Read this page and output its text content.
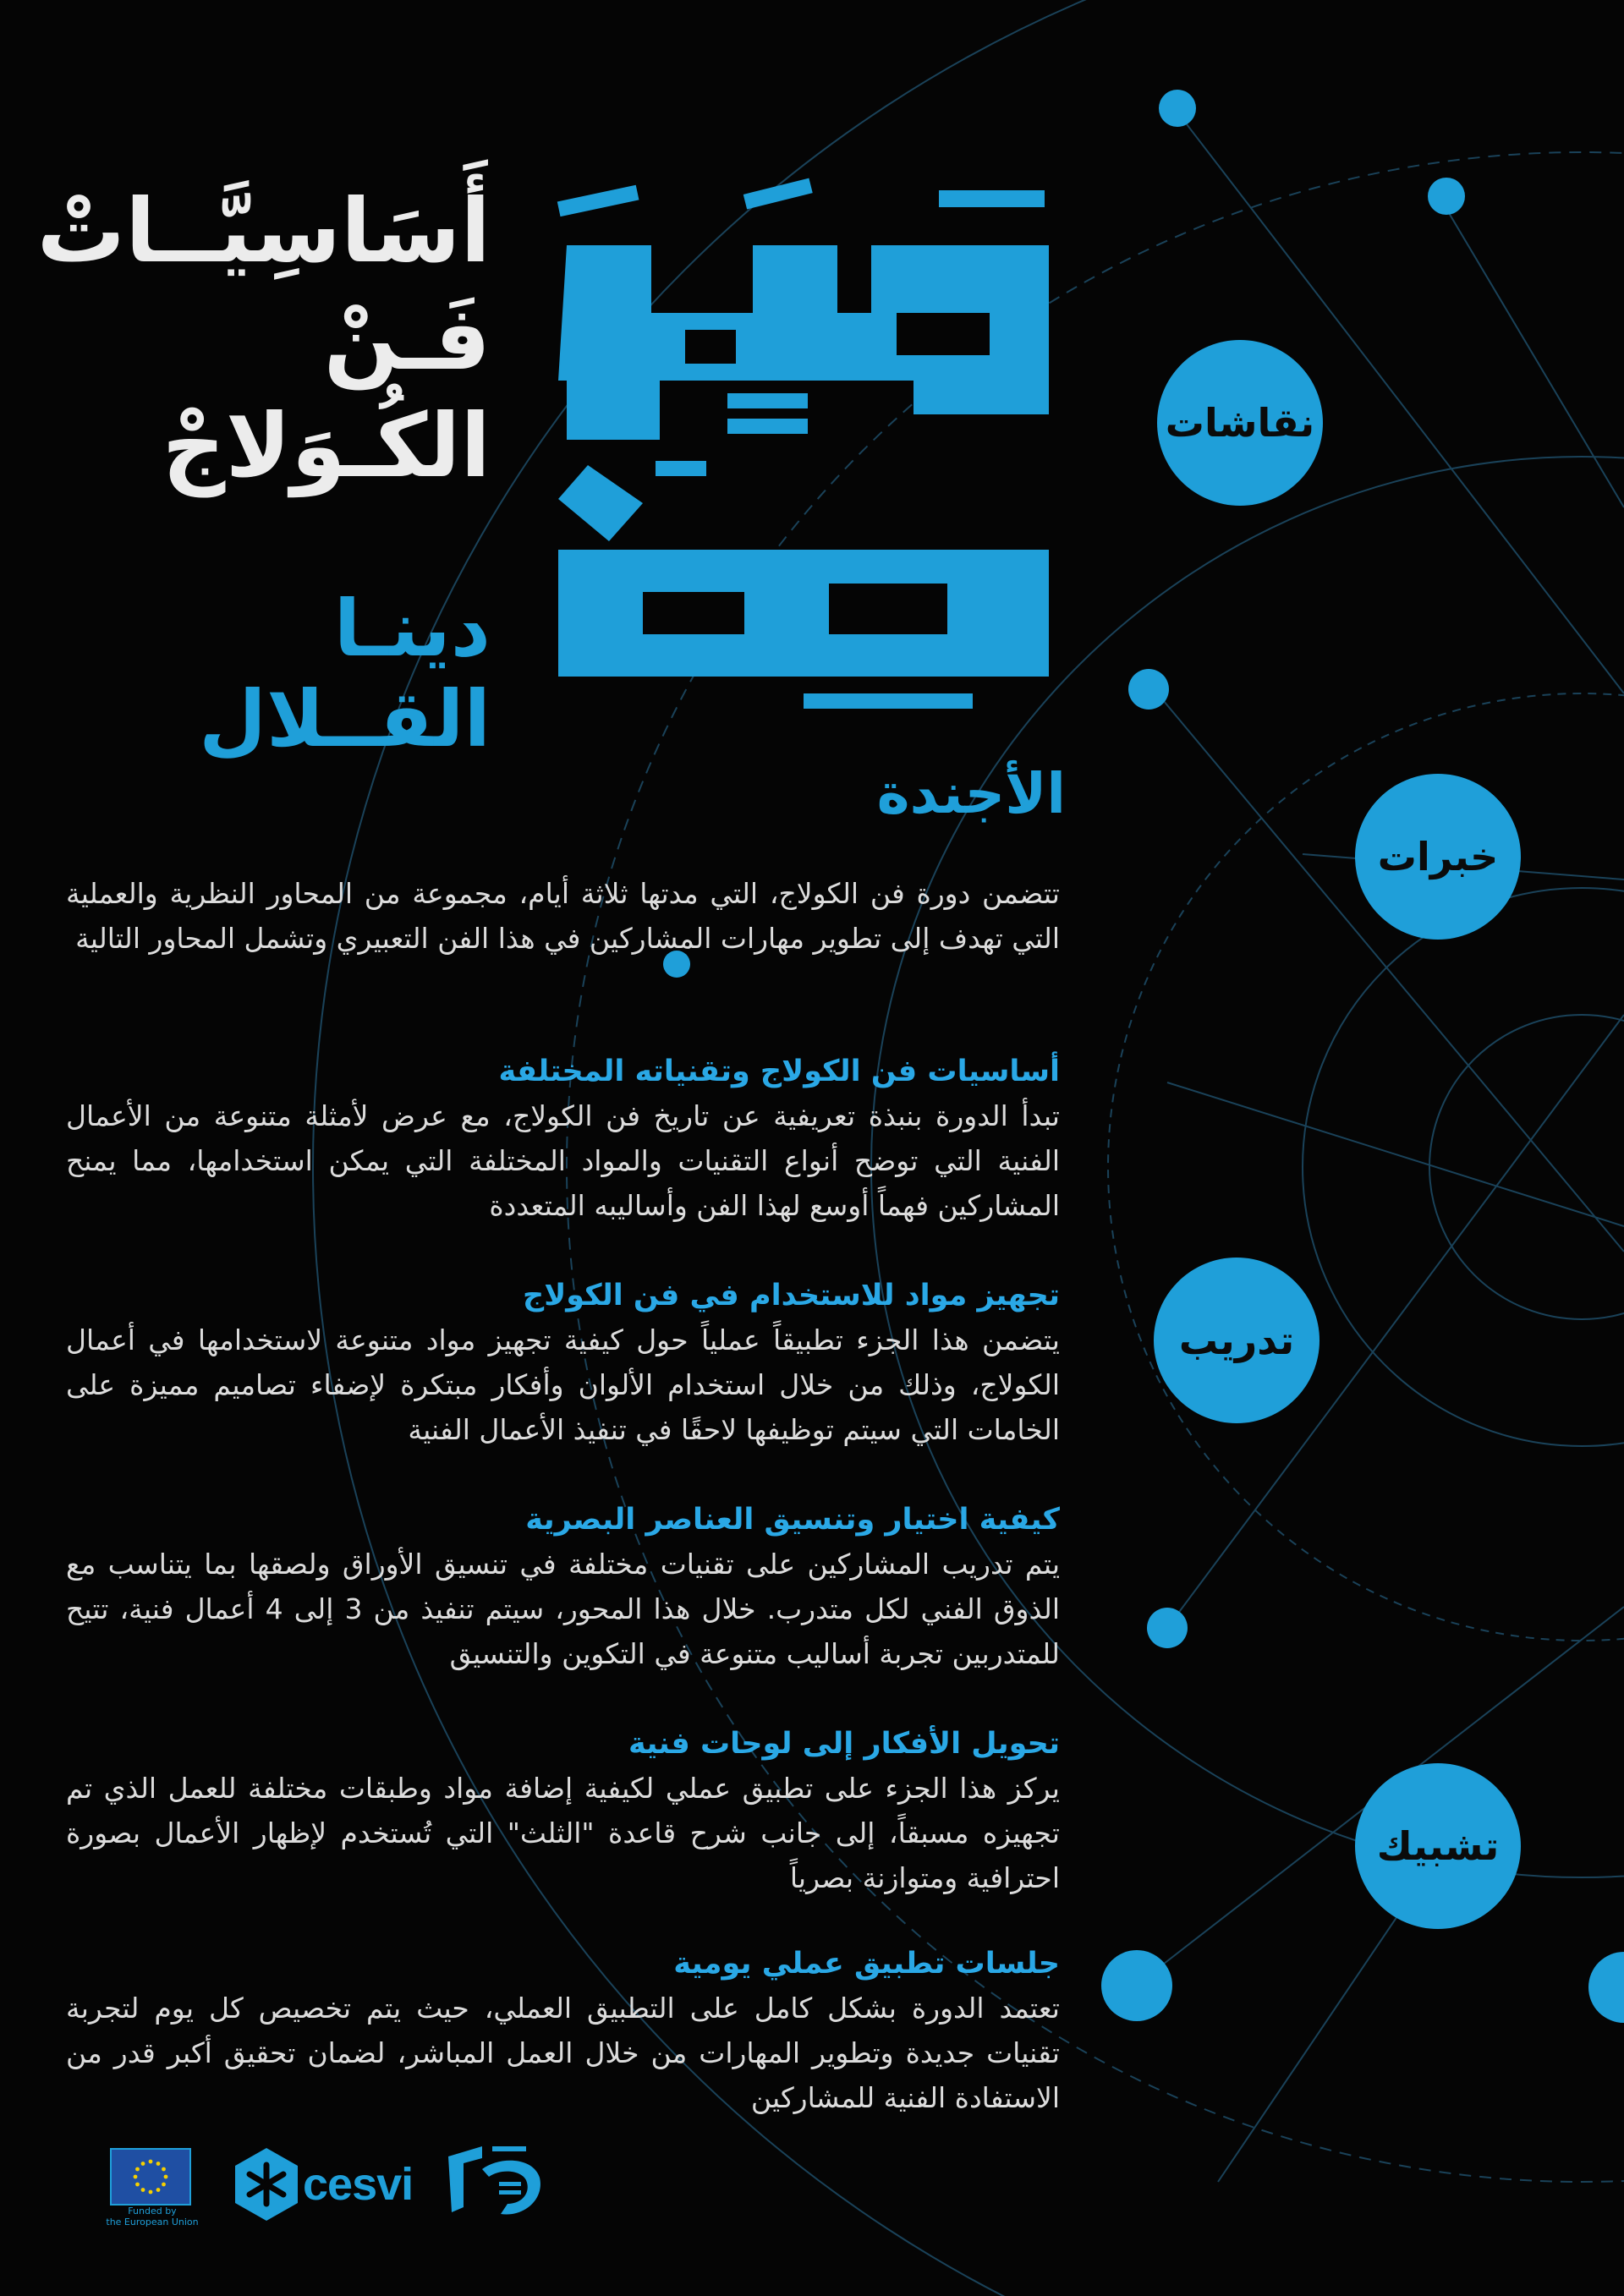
أَسَاسِيَّــاتْ

فَـنْ الكُـوَلاجْ

دينـا القــلال

نقاشات
خبرات
تدريب
تشبيك
الأجندة

تتضمن دورة فن الكولاج، التي مدتها ثلاثة أيام، مجموعة من المحاور النظرية والعملية التي تهدف إلى تطوير مهارات المشاركين في هذا الفن التعبيري وتشمل المحاور التالية

أساسيات فن الكولاج وتقنياته المختلفة

تبدأ الدورة بنبذة تعريفية عن تاريخ فن الكولاج، مع عرض لأمثلة متنوعة من الأعمال الفنية التي توضح أنواع التقنيات والمواد المختلفة التي يمكن استخدامها، مما يمنح المشاركين فهماً أوسع لهذا الفن وأساليبه المتعددة

تجهيز مواد للاستخدام في فن الكولاج

يتضمن هذا الجزء تطبيقاً عملياً حول كيفية تجهيز مواد متنوعة لاستخدامها في أعمال الكولاج، وذلك من خلال استخدام الألوان وأفكار مبتكرة لإضفاء تصاميم مميزة على الخامات التي سيتم توظيفها لاحقًا في تنفيذ الأعمال الفنية

كيفية اختيار وتنسيق العناصر البصرية

يتم تدريب المشاركين على تقنيات مختلفة في تنسيق الأوراق ولصقها بما يتناسب مع الذوق الفني لكل متدرب. خلال هذا المحور، سيتم تنفيذ من 3 إلى 4 أعمال فنية، تتيح للمتدربين تجربة أساليب متنوعة في التكوين والتنسيق

تحويل الأفكار إلى لوحات فنية

يركز هذا الجزء على تطبيق عملي لكيفية إضافة مواد وطبقات مختلفة للعمل الذي تم تجهيزه مسبقاً، إلى جانب شرح قاعدة "الثلث" التي تُستخدم لإظهار الأعمال بصورة احترافية ومتوازنة بصرياً

جلسات تطبيق عملي يومية

تعتمد الدورة بشكل كامل على التطبيق العملي، حيث يتم تخصيص كل يوم لتجربة تقنيات جديدة وتطوير المهارات من خلال العمل المباشر، لضمان تحقيق أكبر قدر من الاستفادة الفنية للمشاركين

Funded by
the European Union
cesvi
